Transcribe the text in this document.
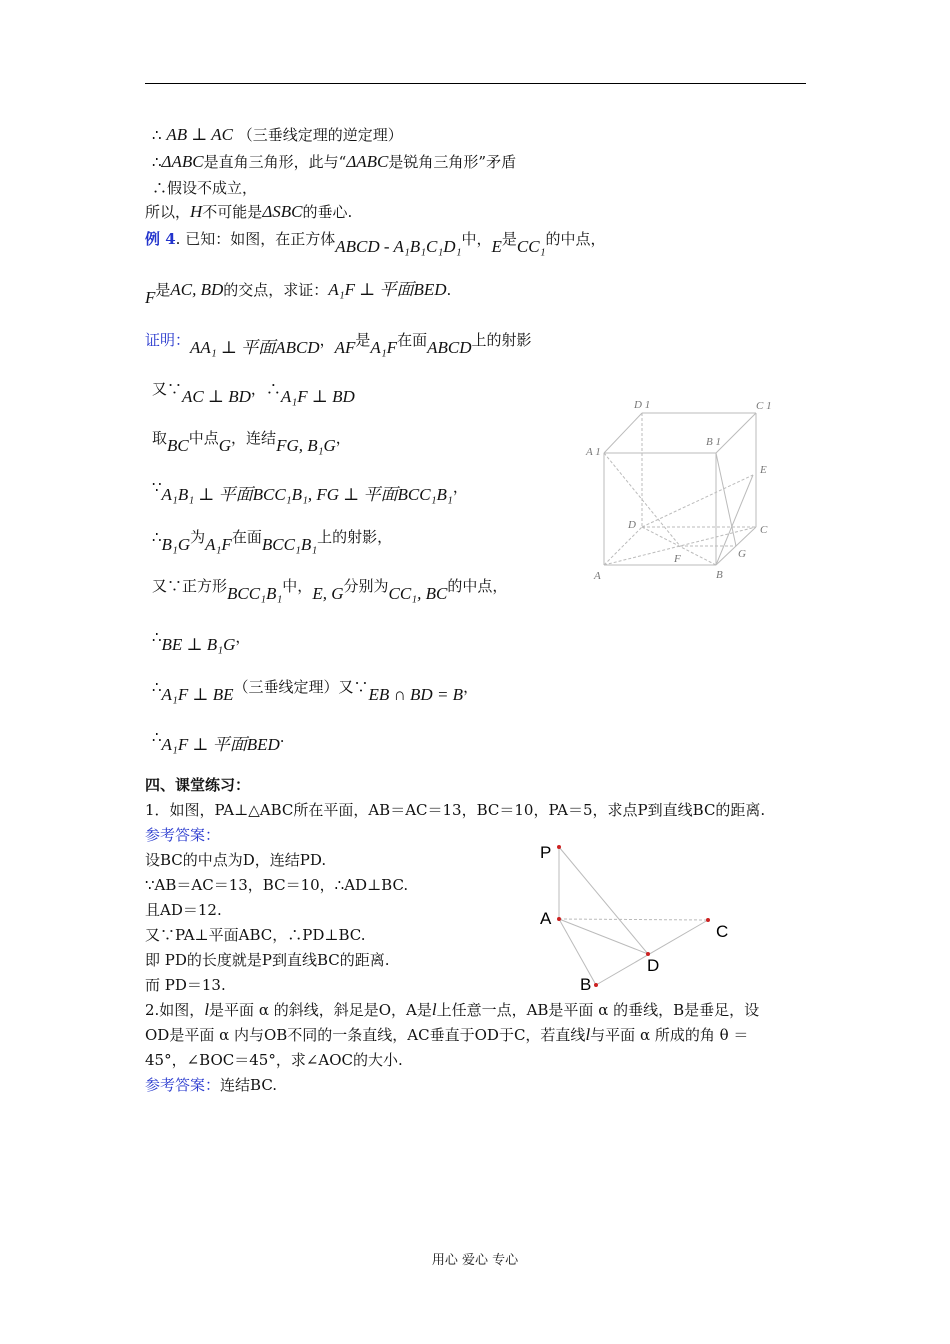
∴ AB ⊥ AC （三垂线定理的逆定理）
∴ΔABC是直角三角形，此与“ΔABC是锐角三角形”矛盾
∴假设不成立，
所以，H不可能是ΔSBC的垂心.
例 4. 已知：如图，在正方体ABCD - A₁B₁C₁D₁中，E是CC₁的中点，
F是AC, BD的交点，求证：A₁F ⊥ 平面BED.
证明：AA₁ ⊥ 平面ABCD，AF是A₁F在面ABCD上的射影
又∵AC ⊥ BD，∴A₁F ⊥ BD
取BC中点G，连结FG, B₁G，
∵A₁B₁ ⊥ 平面BCC₁B₁, FG ⊥ 平面BCC₁B₁，
∴B₁G为A₁F在面BCC₁B₁上的射影，
又∵正方形BCC₁B₁中，E, G分别为CC₁, BC的中点，
∴BE ⊥ B₁G，
∴A₁F ⊥ BE（三垂线定理）又∵EB ∩ BD = B，
∴A₁F ⊥ 平面BED.
D 1	C 1
A 1
B 1
E
D	C
F	G
A	B
四、课堂练习：
1．如图，PA⊥△ABC所在平面，AB＝AC＝13，BC＝10，PA＝5，求点P到直线BC的距离.
参考答案：
设BC的中点为D，连结PD.
∵AB＝AC＝13，BC＝10，∴AD⊥BC.
且AD＝12.
又∵PA⊥平面ABC，∴PD⊥BC.
即 PD的长度就是P到直线BC的距离.
而 PD＝13.
P
A
C
D
B
2.如图，l是平面 α 的斜线，斜足是O，A是l上任意一点，AB是平面 α 的垂线，B是垂足，设
OD是平面 α 内与OB不同的一条直线，AC垂直于OD于C，若直线l与平面 α 所成的角 θ ＝
45°，∠BOC＝45°，求∠AOC的大小.
参考答案：连结BC.
用心 爱心 专心
